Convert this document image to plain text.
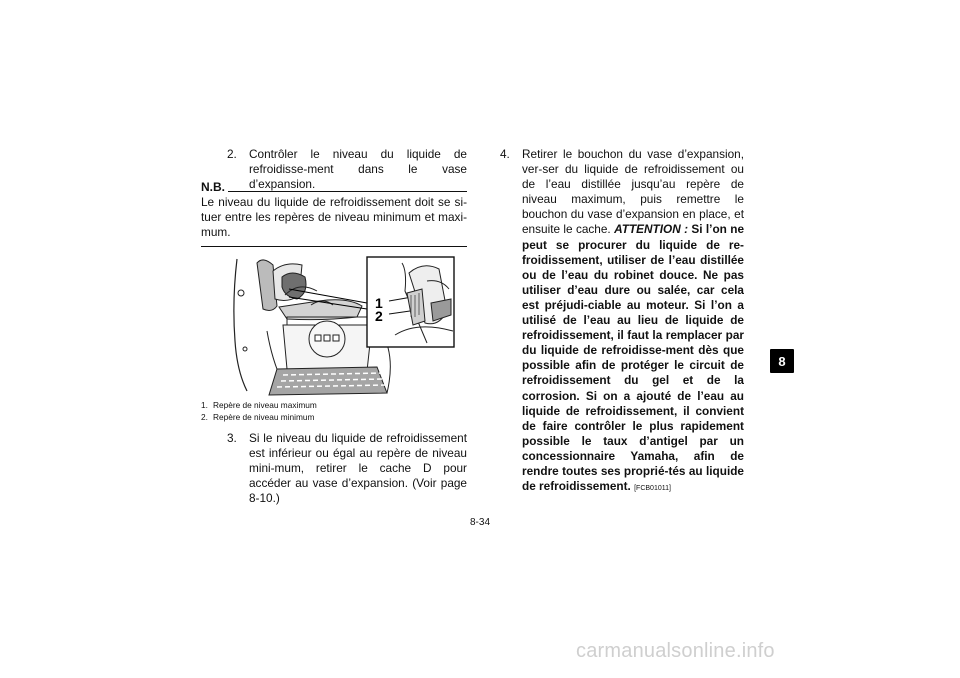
2. Contrôler le niveau du liquide de refroidisse-ment dans le vase d’expansion.
N.B.
Le niveau du liquide de refroidissement doit se si-tuer entre les repères de niveau minimum et maxi-mum.
1
2
1. Repère de niveau maximum
2. Repère de niveau minimum
3. Si le niveau du liquide de refroidissement est inférieur ou égal au repère de niveau mini-mum, retirer le cache D pour accéder au vase d’expansion. (Voir page 8-10.)
4. Retirer le bouchon du vase d’expansion, ver-ser du liquide de refroidissement ou de l’eau distillée jusqu’au repère de niveau maximum, puis remettre le bouchon du vase d’expansion en place, et ensuite le cache. ATTENTION : Si l’on ne peut se procurer du liquide de re-froidissement, utiliser de l’eau distillée ou de l’eau du robinet douce. Ne pas utiliser d’eau dure ou salée, car cela est préjudi-ciable au moteur. Si l’on a utilisé de l’eau au lieu de liquide de refroidissement, il faut la remplacer par du liquide de refroidisse-ment dès que possible afin de protéger le circuit de refroidissement du gel et de la corrosion. Si on a ajouté de l’eau au liquide de refroidissement, il convient de faire contrôler le plus rapidement possible le taux d’antigel par un concessionnaire Yamaha, afin de rendre toutes ses proprié-tés au liquide de refroidissement. [FCB01011]
8-34
8
carmanualsonline.info
